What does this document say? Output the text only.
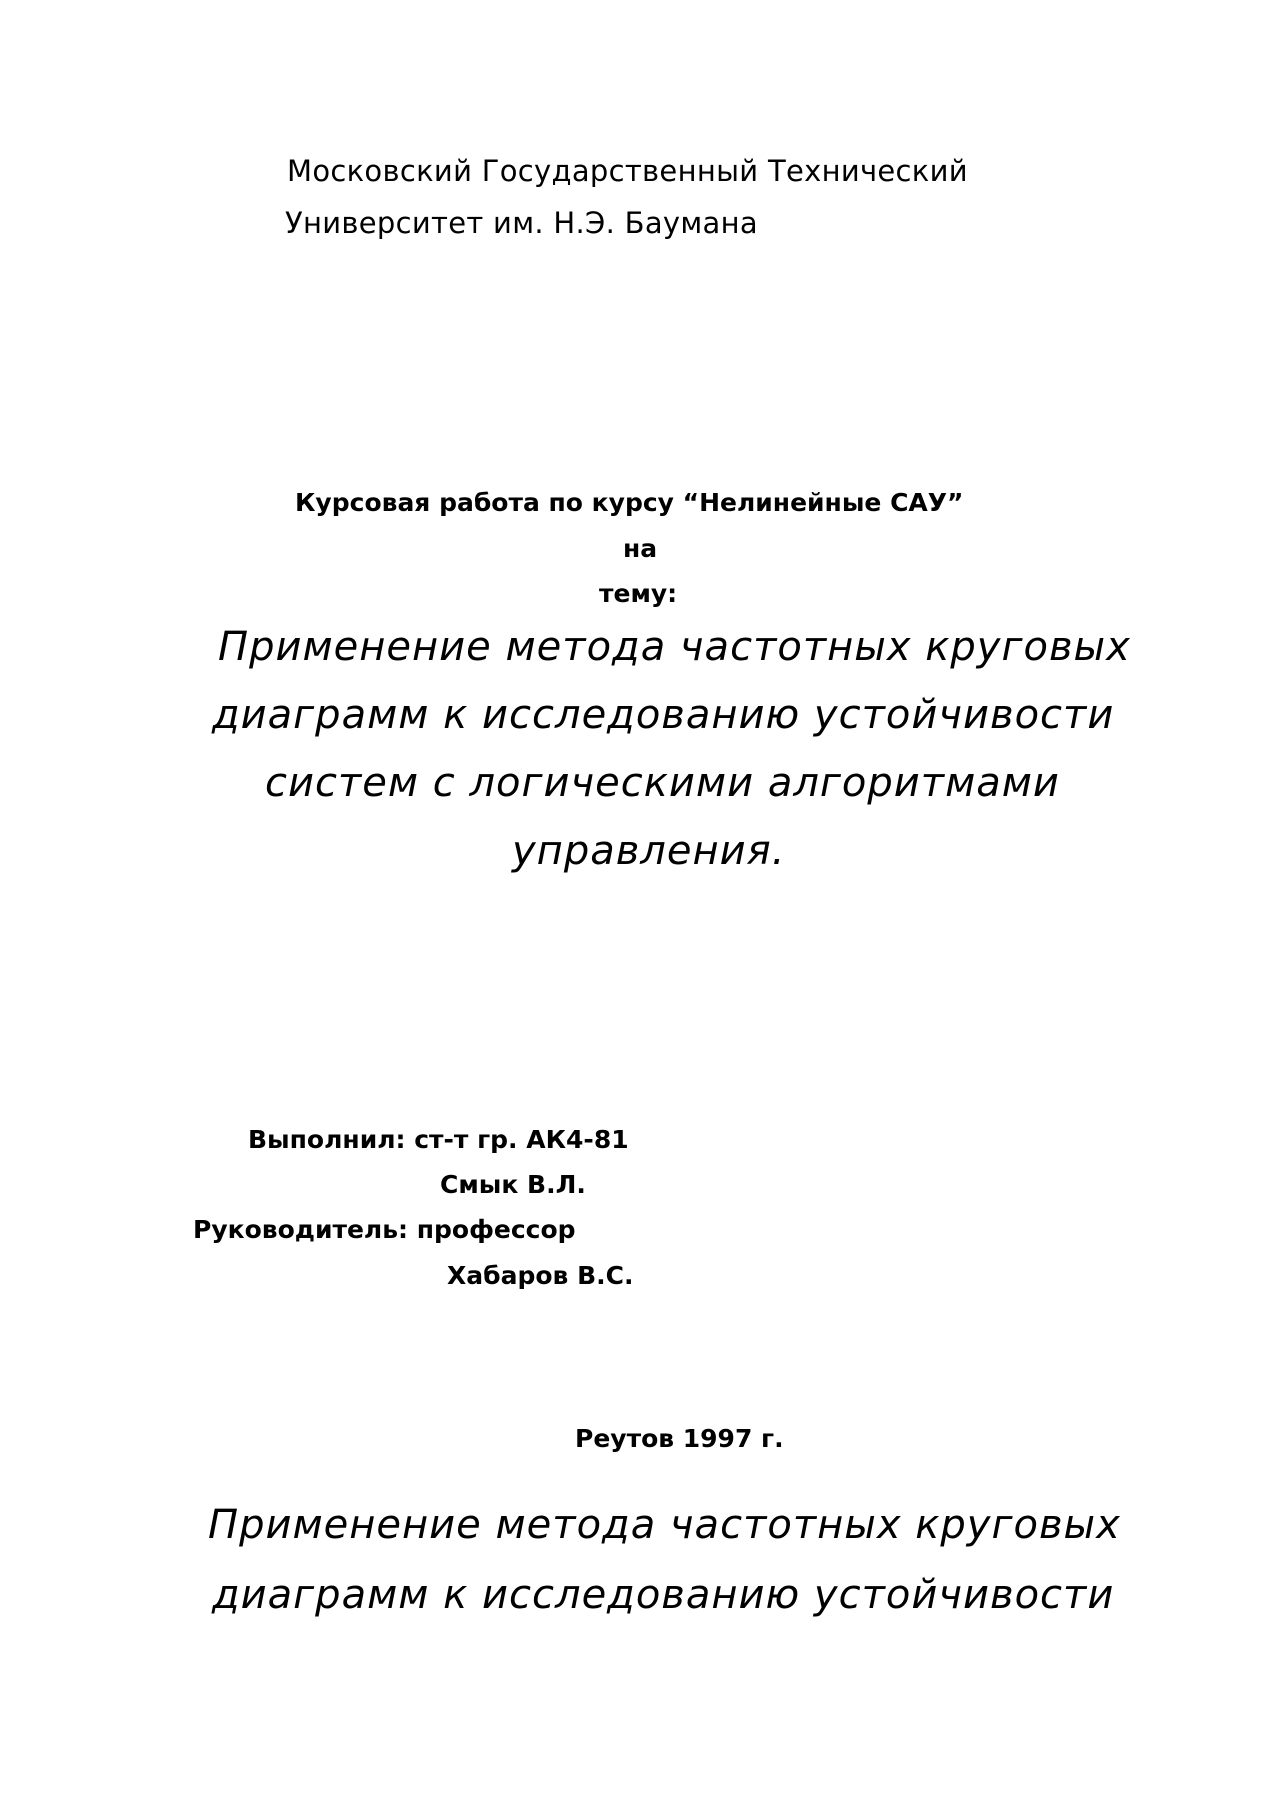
Московский Государственный Технический
Университет им. Н.Э. Баумана
Курсовая работа по курсу “Нелинейные САУ”
на
тему:
Применение метода частотных круговых
диаграмм к исследованию устойчивости
систем с логическими алгоритмами
управления.
Выполнил: ст-т гр. АК4-81
Смык В.Л.
Руководитель: профессор
Хабаров В.С.
Реутов 1997 г.
Применение метода частотных круговых
диаграмм к исследованию устойчивости
